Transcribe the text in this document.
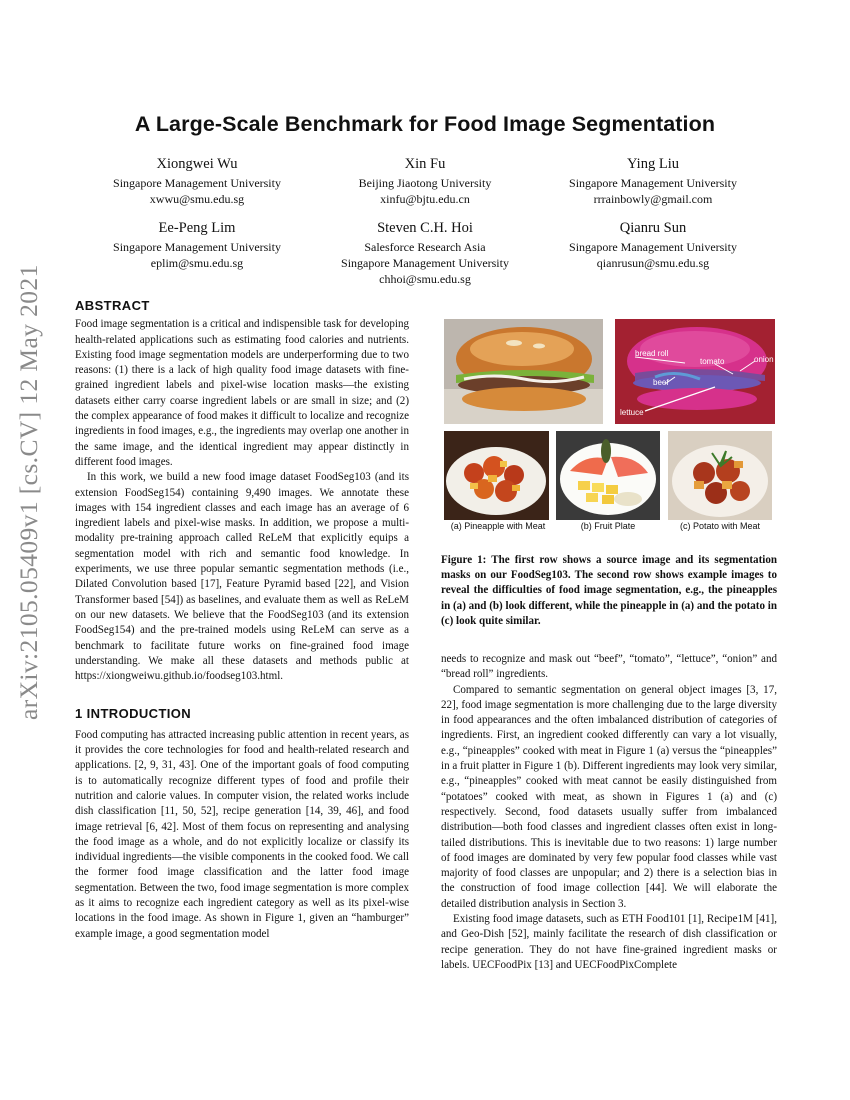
arXiv:2105.05409v1 [cs.CV] 12 May 2021
A Large-Scale Benchmark for Food Image Segmentation
Xiongwei Wu
Singapore Management University
xwwu@smu.edu.sg
Xin Fu
Beijing Jiaotong University
xinfu@bjtu.edu.cn
Ying Liu
Singapore Management University
rrrainbowly@gmail.com
Ee-Peng Lim
Singapore Management University
eplim@smu.edu.sg
Steven C.H. Hoi
Salesforce Research Asia
Singapore Management University
chhoi@smu.edu.sg
Qianru Sun
Singapore Management University
qianrusun@smu.edu.sg
ABSTRACT

Food image segmentation is a critical and indispensible task for developing health-related applications such as estimating food calories and nutrients. Existing food image segmentation models are underperforming due to two reasons: (1) there is a lack of high quality food image datasets with fine-grained ingredient labels and pixel-wise location masks—the existing datasets either carry coarse ingredient labels or are small in size; and (2) the complex appearance of food makes it difficult to localize and recognize ingredients in food images, e.g., the ingredients may overlap one another in the same image, and the identical ingredient may appear distinctly in different food images.

In this work, we build a new food image dataset FoodSeg103 (and its extension FoodSeg154) containing 9,490 images. We annotate these images with 154 ingredient classes and each image has an average of 6 ingredient labels and pixel-wise masks. In addition, we propose a multi-modality pre-training approach called ReLeM that explicitly equips a segmentation model with rich and semantic food knowledge. In experiments, we use three popular semantic segmentation methods (i.e., Dilated Convolution based [17], Feature Pyramid based [22], and Vision Transformer based [54]) as baselines, and evaluate them as well as ReLeM on our new datasets. We believe that the FoodSeg103 (and its extension FoodSeg154) and the pre-trained models using ReLeM can serve as a benchmark to facilitate future works on fine-grained food image understanding. We make all these datasets and methods public at https://xiongweiwu.github.io/foodseg103.html.

1 INTRODUCTION

Food computing has attracted increasing public attention in recent years, as it provides the core technologies for food and health-related research and applications. [2, 9, 31, 43]. One of the important goals of food computing is to automatically recognize different types of food and profile their nutrition and calorie values. In computer vision, the related works include dish classification [11, 50, 52], recipe generation [14, 39, 46], and food image retrieval [6, 42]. Most of them focus on representing and analysing the food image as a whole, and do not explicitly localize or classify its individual ingredients—the visible components in the cooked food. We call the former food image classification and the latter food image segmentation. Between the two, food image segmentation is more complex as it aims to recognize each ingredient category as well as its pixel-wise locations in the food image. As shown in Figure 1, given an “hamburger” example image, a good segmentation model

bread roll
tomato	onion
beef
lettuce
(a) Pineapple with Meat	(b) Fruit Plate	(c) Potato with Meat
Figure 1: The first row shows a source image and its segmentation masks on our FoodSeg103. The second row shows example images to reveal the difficulties of food image segmentation, e.g., the pineapples in (a) and (b) look different, while the pineapple in (a) and the potato in (c) look quite similar.

needs to recognize and mask out “beef”, “tomato”, “lettuce”, “onion” and “bread roll” ingredients.

Compared to semantic segmentation on general object images [3, 17, 22], food image segmentation is more challenging due to the large diversity in food appearances and the often imbalanced distribution of categories of ingredients. First, an ingredient cooked differently can vary a lot visually, e.g., “pineapples” cooked with meat in Figure 1 (a) versus the “pineapples” in a fruit platter in Figure 1 (b). Different ingredients may look very similar, e.g., “pineapples” cooked with meat cannot be easily distinguished from “potatoes” cooked with meat, as shown in Figures 1 (a) and (c) respectively. Second, food datasets usually suffer from imbalanced distribution—both food classes and ingredient classes often exist in long-tailed distributions. This is inevitable due to two reasons: 1) large number of food images are dominated by very few popular food classes while vast majority of food classes are unpopular; and 2) there is a selection bias in the construction of food image collection [44]. We will elaborate the detailed distribution analysis in Section 3.

Existing food image datasets, such as ETH Food101 [1], Recipe1M [41], and Geo-Dish [52], mainly facilitate the research of dish classification or recipe generation. They do not have fine-grained ingredient masks or labels. UECFoodPix [13] and UECFoodPixComplete
